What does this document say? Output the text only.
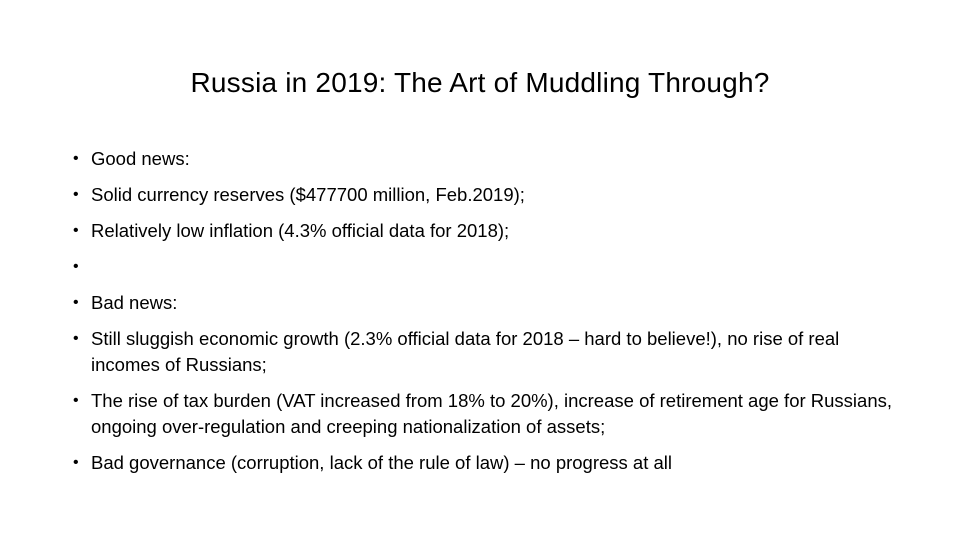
Russia in 2019: The Art of Muddling Through?
• Good news:
• Solid currency reserves ($477700 million, Feb.2019);
• Relatively low inflation (4.3% official data for 2018);
•
• Bad news:
• Still sluggish economic growth (2.3% official data for 2018 – hard to believe!), no rise of real incomes of Russians;
• The rise of tax burden (VAT increased from 18% to 20%), increase of retirement age for Russians, ongoing over-regulation and creeping nationalization of assets;
• Bad governance (corruption, lack of the rule of law) – no progress at all
